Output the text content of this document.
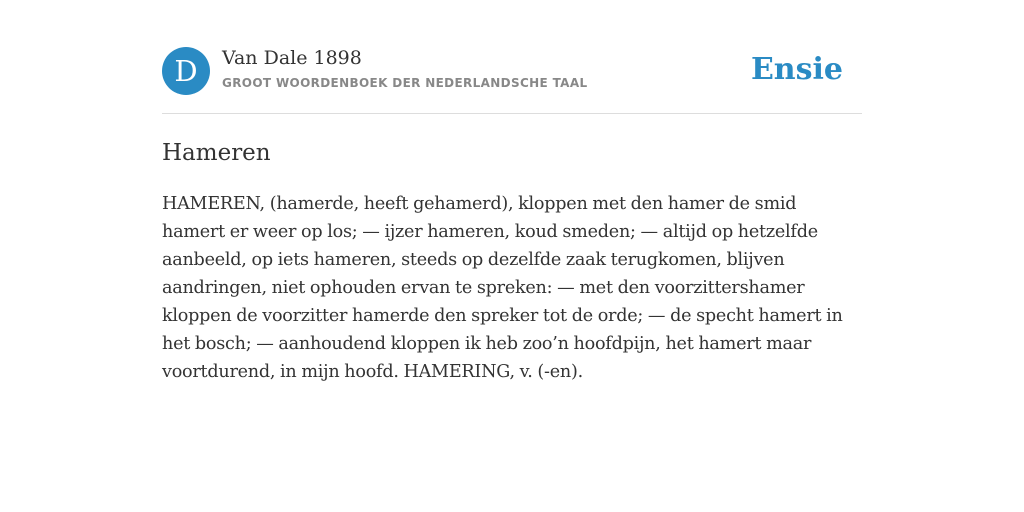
D	Van Dale 1898
GROOT WOORDENBOEK DER NEDERLANDSCHE TAAL	Ensie
Hameren

HAMEREN, (hamerde, heeft gehamerd), kloppen met den hamer de smid hamert er weer op los; — ijzer hameren, koud smeden; — altijd op hetzelfde aanbeeld, op iets hameren, steeds op dezelfde zaak terugkomen, blijven aandringen, niet ophouden ervan te spreken: — met den voorzittershamer kloppen de voorzitter hamerde den spreker tot de orde; — de specht hamert in het bosch; — aanhoudend kloppen ik heb zoo’n hoofdpijn, het hamert maar voortdurend, in mijn hoofd. HAMERING, v. (-en).
